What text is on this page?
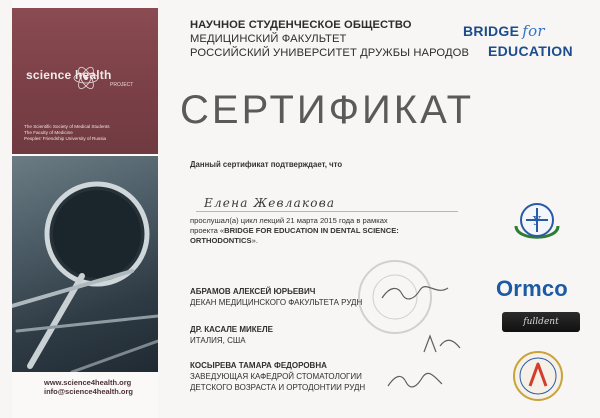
science health
PROJECT
The Scientific Society of Medical Students
The Faculty of Medicine
Peoples' Friendship University of Russia
www.science4health.org
info@science4health.org
НАУЧНОЕ СТУДЕНЧЕСКОЕ ОБЩЕСТВО
МЕДИЦИНСКИЙ ФАКУЛЬТЕТ
РОССИЙСКИЙ УНИВЕРСИТЕТ ДРУЖБЫ НАРОДОВ
BRIDGE for
EDUCATION
СЕРТИФИКАТ
Данный сертификат подтверждает, что
Елена Жевлакова
прослушал(а) цикл лекций 21 марта 2015 года в рамках
проекта «BRIDGE FOR EDUCATION IN DENTAL SCIENCE: ORTHODONTICS».
АБРАМОВ АЛЕКСЕЙ ЮРЬЕВИЧ
ДЕКАН МЕДИЦИНСКОГО ФАКУЛЬТЕТА РУДН
ДР. КАСАЛЕ МИКЕЛЕ
ИТАЛИЯ, США
КОСЫРЕВА ТАМАРА ФЕДОРОВНА
ЗАВЕДУЮЩАЯ КАФЕДРОЙ СТОМАТОЛОГИИ
ДЕТСКОГО ВОЗРАСТА И ОРТОДОНТИИ РУДН
У
Ormco
fulldent
